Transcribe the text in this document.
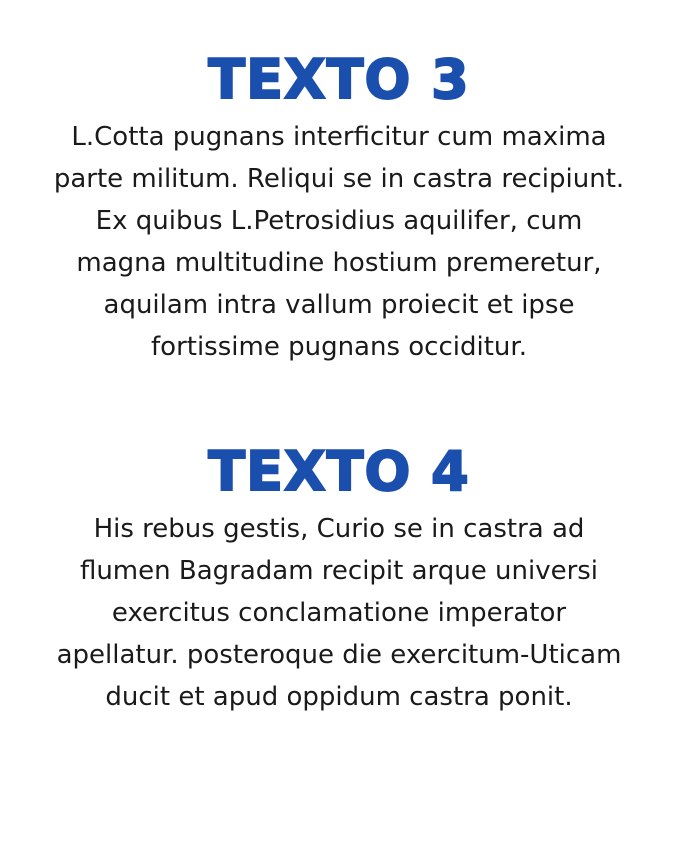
TEXTO 3

L.Cotta pugnans interficitur cum maxima parte militum. Reliqui se in castra recipiunt. Ex quibus L.Petrosidius aquilifer, cum magna multitudine hostium premeretur, aquilam intra vallum proiecit et ipse fortissime pugnans occiditur.

TEXTO 4

His rebus gestis, Curio se in castra ad flumen Bagradam recipit arque universi exercitus conclamatione imperator apellatur. posteroque die exercitum-Uticam ducit et apud oppidum castra ponit.
